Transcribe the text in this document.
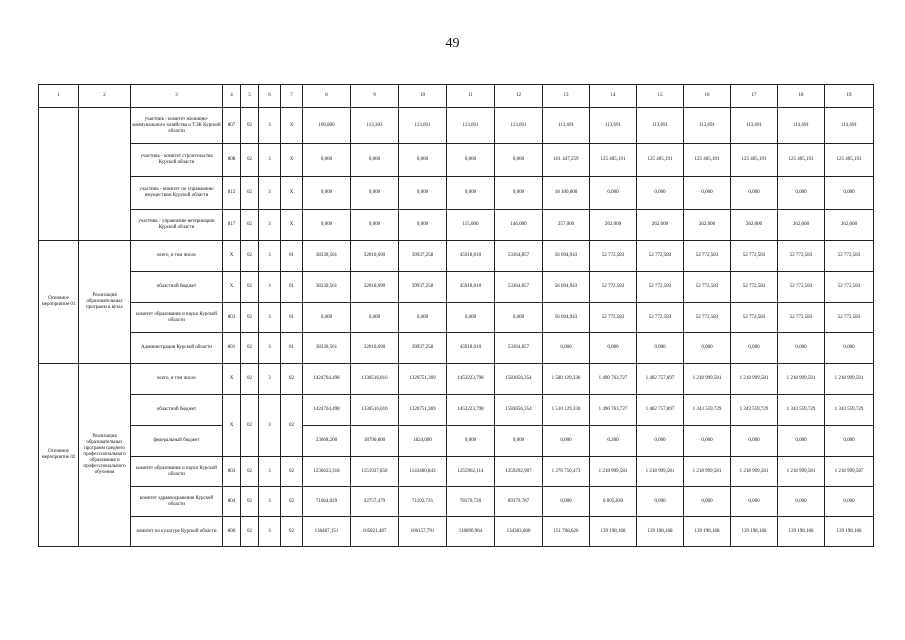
49
1	2	3	4	5	6	7	8	9	10	11	12	13	14	15	16	17	18	19
		участник - комитет жилищно-коммунального хозяйства и ТЭК Курской области	807	02	3	X	160,800	113,303	113,691	113,691	113,691	113,691	113,691	113,691	113,691	113,691	113,691	113,691
		участник - комитет строительства Курской области	808	02	3	X	0,000	0,000	0,000	0,000	0,000	161 447,259	125 405,191	125 405,191	125 405,191	125 405,191	125 405,191	125 405,191
		участник - комитет по управлению имуществом Курской области	812	02	3	X	0,000	0,000	0,000	0,000	0,000	18 100,000	0,000	0,000	0,000	0,000	0,000	0,000
		участник - управление ветеринарии Курской области	817	02	3	X	0,000	0,000	0,000	115,000	146,000	257,000	262,000	262,000	262,000	262,000	262,000	262,000
Основное мероприятие 01	Реализация образовательных программ в вузах	всего, в том числе	X	02	3	01	38330,561	32010,690	39937,258	45918,010	53364,857	56 694,943	52 772,583	52 772,583	52 772,583	52 772,583	52 772,583	52 772,583
		областной бюджет	X	02	3	01	38330,561	32010,690	39937,258	45918,010	53364,857	56 694,943	52 772,583	52 772,583	52 772,583	52 772,583	52 772,583	52 772,583
		комитет образования и науки Курской области	803	02	3	01	0,000	0,000	0,000	0,000	0,000	56 694,943	52 772,583	52 772,583	52 772,583	52 772,583	52 772,583	52 772,583
		Администрация Курской области	801	02	3	01	38330,561	32010,690	39937,258	45918,010	53364,857	0,000	0,000	0,000	0,000	0,000	0,000	0,000
Основное мероприятие 02	Реализация образовательных программ среднего профессионального образования и профессионального обучения	всего, в том числе	X	02	3	02	1424764,498	1330516,816	1320751,369	1453223,798	1583056,354	1 580 129,336	1 490 763,727	1 482 757,897	1 218 999,581	1 218 999,581	1 218 999,581	1 218 999,581
		областной бюджет	X	02	3	02	1424764,498	1330516,816	1320751,369	1453223,798	1583056,354	1 510 129,336	1 490 763,727	1 482 757,897	1 343 559,729	1 343 559,729	1 343 559,729	1 343 559,729
		федеральный бюджет					23068,200	18790,800	1824,000	0,000	0,000	0,000	0,200	0,000	0,000	0,000	0,000	0,000
		комитет образования и науки Курской области	803	02	3	02	1236633,318	1151937,850	1143400,843	1255962,114	1359292,907	1 270 750,473	1 218 999,581	1 218 999,581	1 218 999,581	1 218 999,581	1 218 999,581	1 218 999,587
		комитет здравоохранения Курской области	804	02	3	02	71664,029	22757,479	71192,735	78370,720	89379,787	0,000	8 005,830	0,000	0,000	0,000	0,000	0,000
		комитет по культуре Курской области	806	02	3	02	136467,151	105821,487	106157,791	118890,964	134383,660	151 708,626	139 198,168	139 198,168	139 198,168	139 198,168	139 198,168	139 198,168
